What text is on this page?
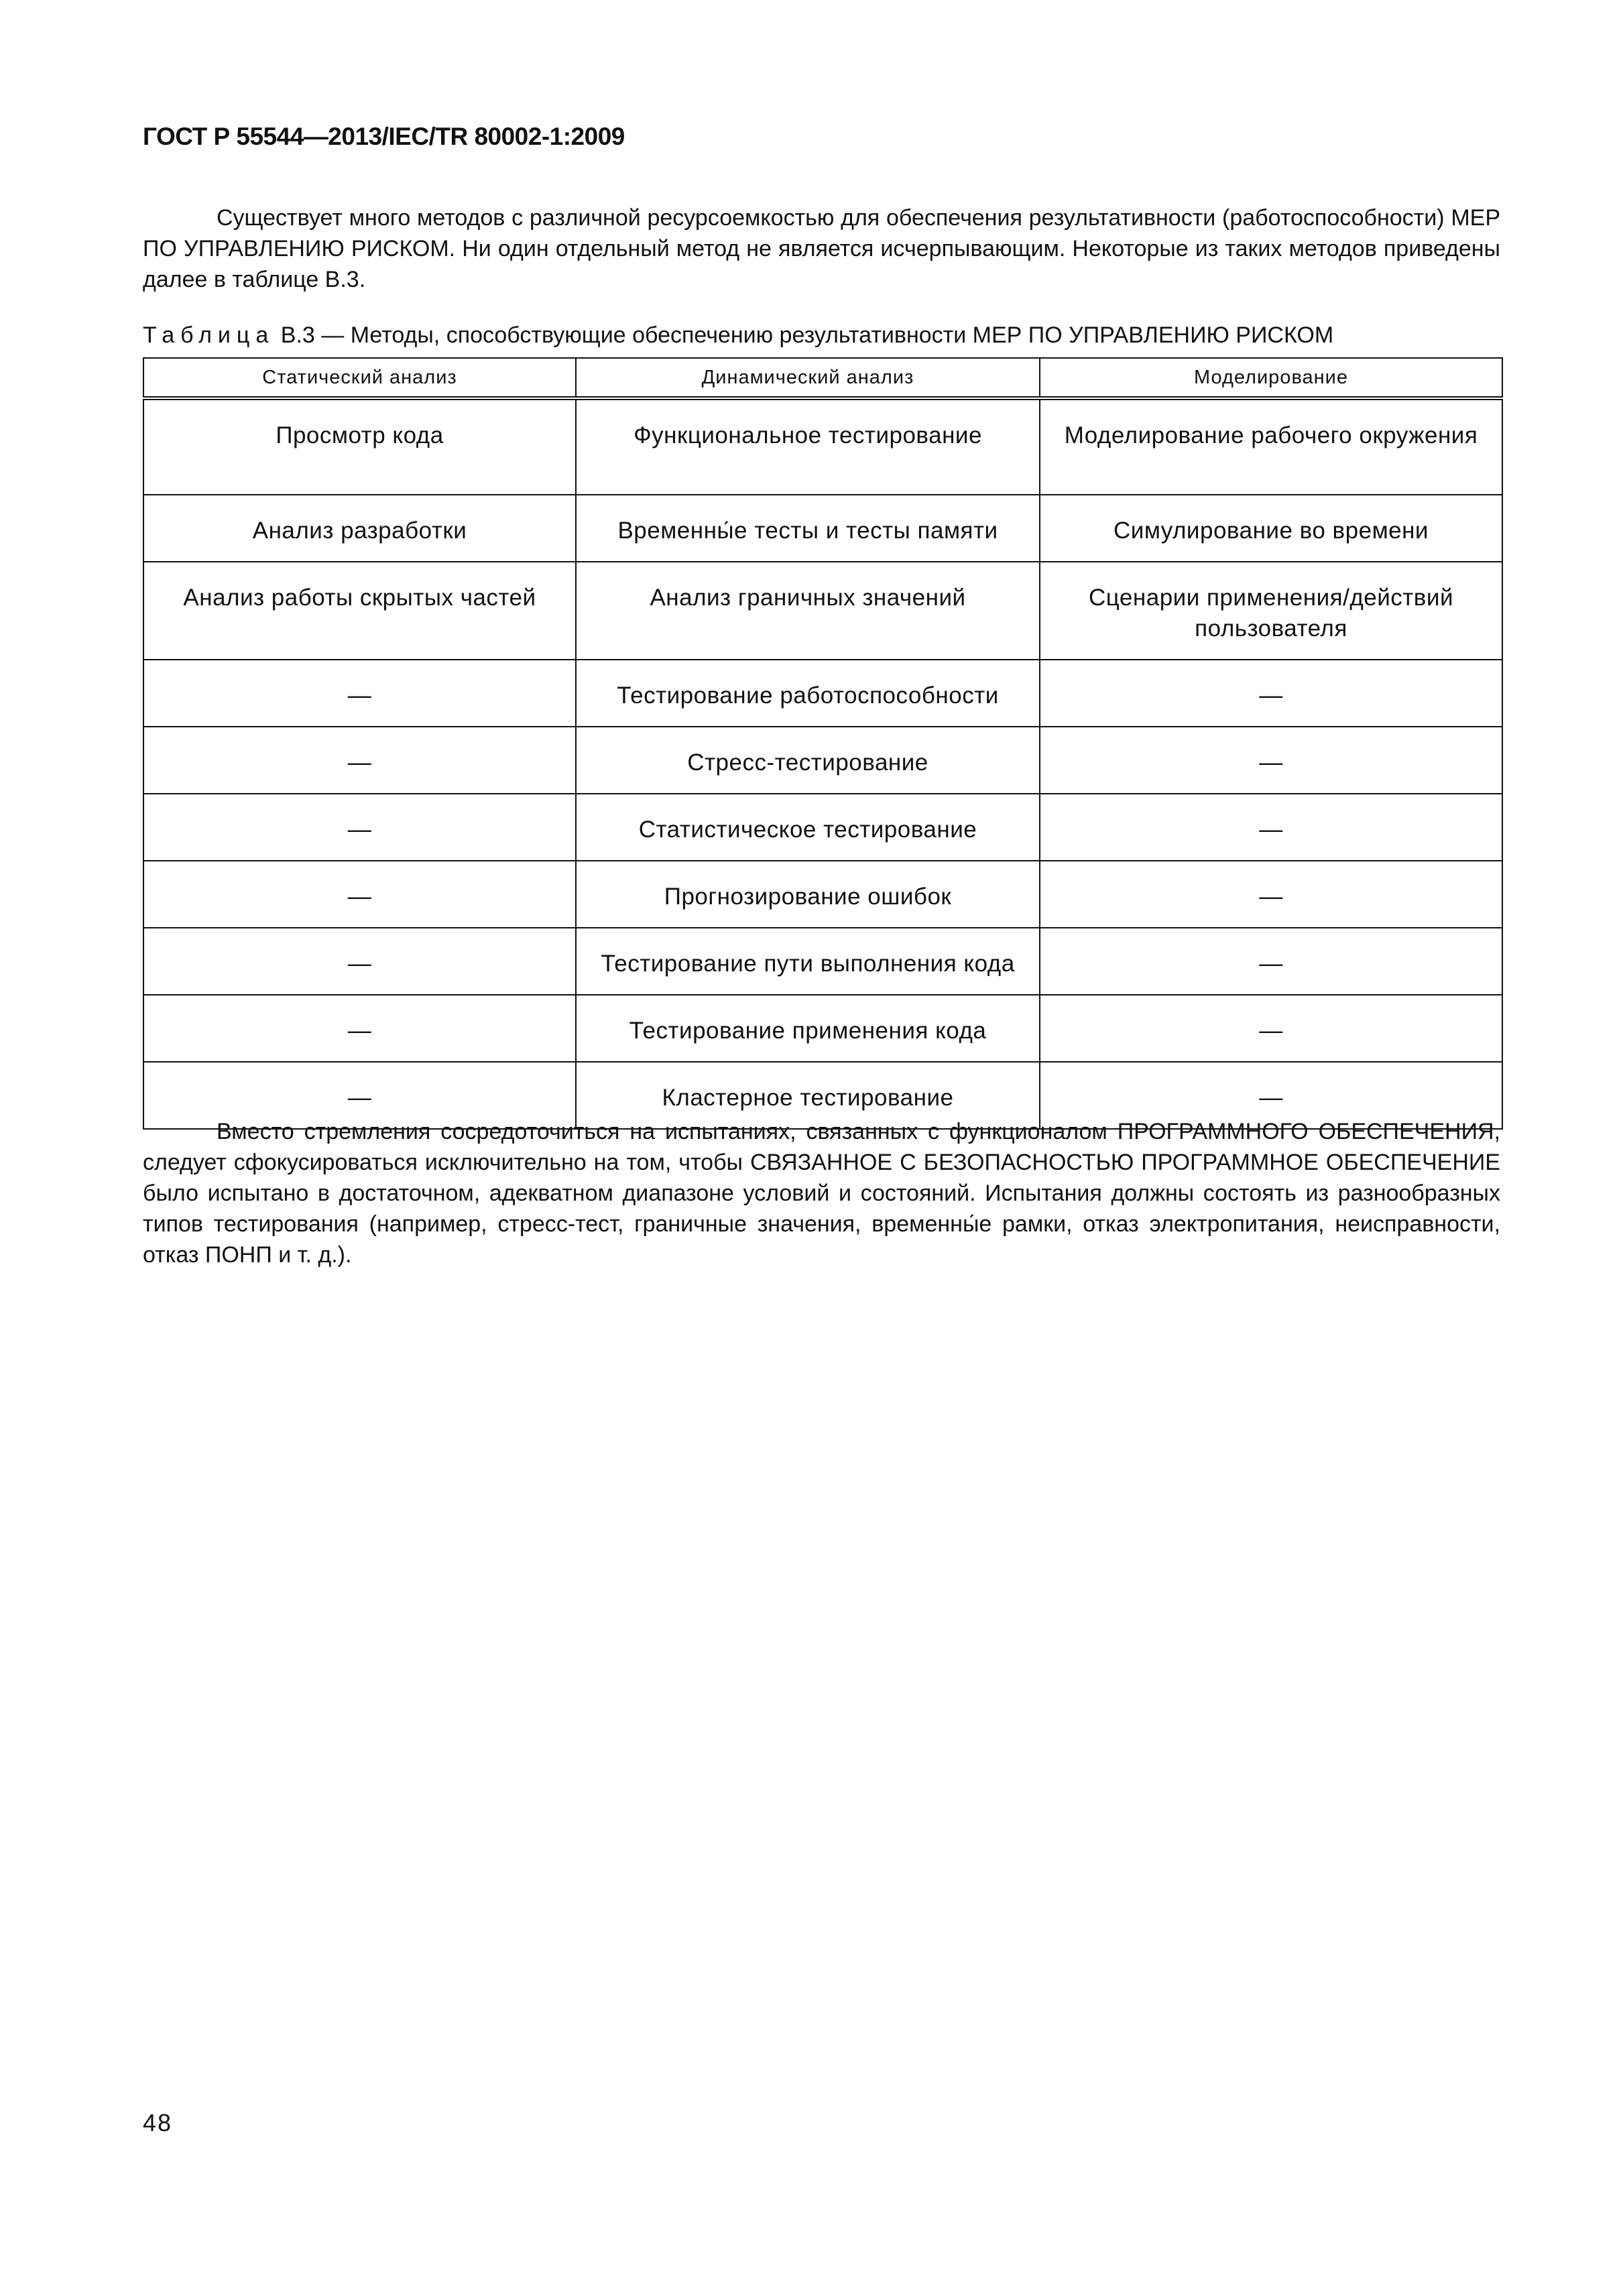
ГОСТ Р 55544—2013/IEC/TR 80002-1:2009

Существует много методов с различной ресурсоемкостью для обеспечения результативности (работоспособности) МЕР ПО УПРАВЛЕНИЮ РИСКОМ. Ни один отдельный метод не является исчерпывающим. Некоторые из таких методов приведены далее в таблице В.3.

Таблица В.3 — Методы, способствующие обеспечению результативности МЕР ПО УПРАВЛЕНИЮ РИСКОМ
Статический анализ	Динамический анализ	Моделирование
Просмотр кода	Функциональное тестирование	Моделирование рабочего окружения
Анализ разработки	Временны́е тесты и тесты памяти	Симулирование во времени
Анализ работы скрытых частей	Анализ граничных значений	Сценарии применения/действий пользователя
—	Тестирование работоспособности	—
—	Стресс-тестирование	—
—	Статистическое тестирование	—
—	Прогнозирование ошибок	—
—	Тестирование пути выполнения кода	—
—	Тестирование применения кода	—
—	Кластерное тестирование	—

Вместо стремления сосредоточиться на испытаниях, связанных с функционалом ПРОГРАММНОГО ОБЕСПЕЧЕНИЯ, следует сфокусироваться исключительно на том, чтобы СВЯЗАННОЕ С БЕЗОПАСНОСТЬЮ ПРОГРАММНОЕ ОБЕСПЕЧЕНИЕ было испытано в достаточном, адекватном диапазоне условий и состояний. Испытания должны состоять из разнообразных типов тестирования (например, стресс-тест, граничные значения, временны́е рамки, отказ электропитания, неисправности, отказ ПОНП и т. д.).

48
